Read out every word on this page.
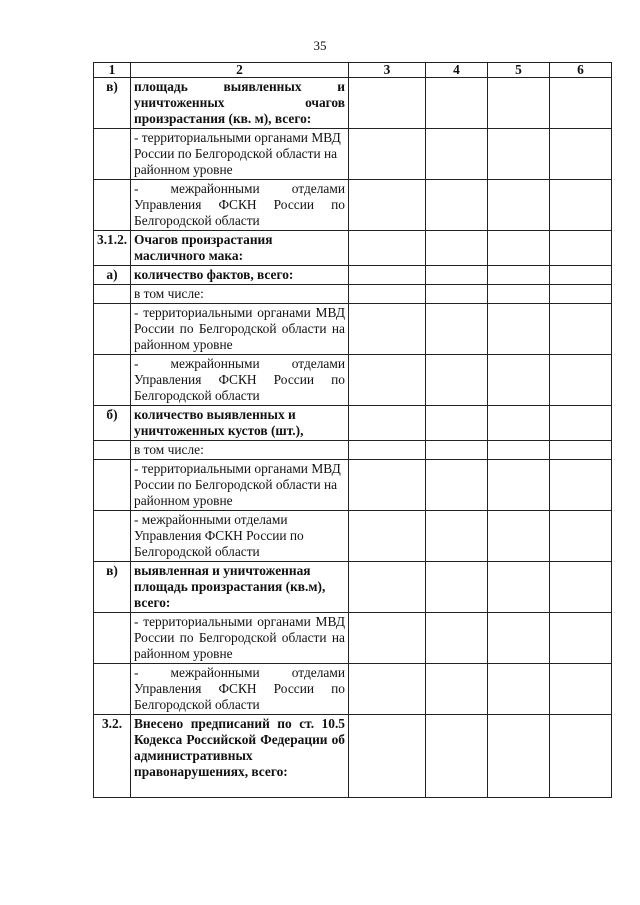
35
1	2	3	4	5	6
в)	площадь выявленных и уничтоженных очагов произрастания (кв. м), всего:				
	- территориальными органами МВД России по Белгородской области на районном уровне				
	- межрайонными отделами Управления ФСКН России по Белгородской области				
3.1.2.	Очагов произрастания масличного мака:				
а)	количество фактов, всего:				
	в том числе:				
	- территориальными органами МВД России по Белгородской области на районном уровне				
	- межрайонными отделами Управления ФСКН России по Белгородской области				
б)	количество выявленных и уничтоженных кустов (шт.),				
	в том числе:				
	- территориальными органами МВД России по Белгородской области на районном уровне				
	- межрайонными отделами Управления ФСКН России по Белгородской области				
в)	выявленная и уничтоженная площадь произрастания (кв.м), всего:				
	- территориальными органами МВД России по Белгородской области на районном уровне				
	- межрайонными отделами Управления ФСКН России по Белгородской области				
3.2.	Внесено предписаний по ст. 10.5 Кодекса Российской Федерации об административных правонарушениях, всего:				
